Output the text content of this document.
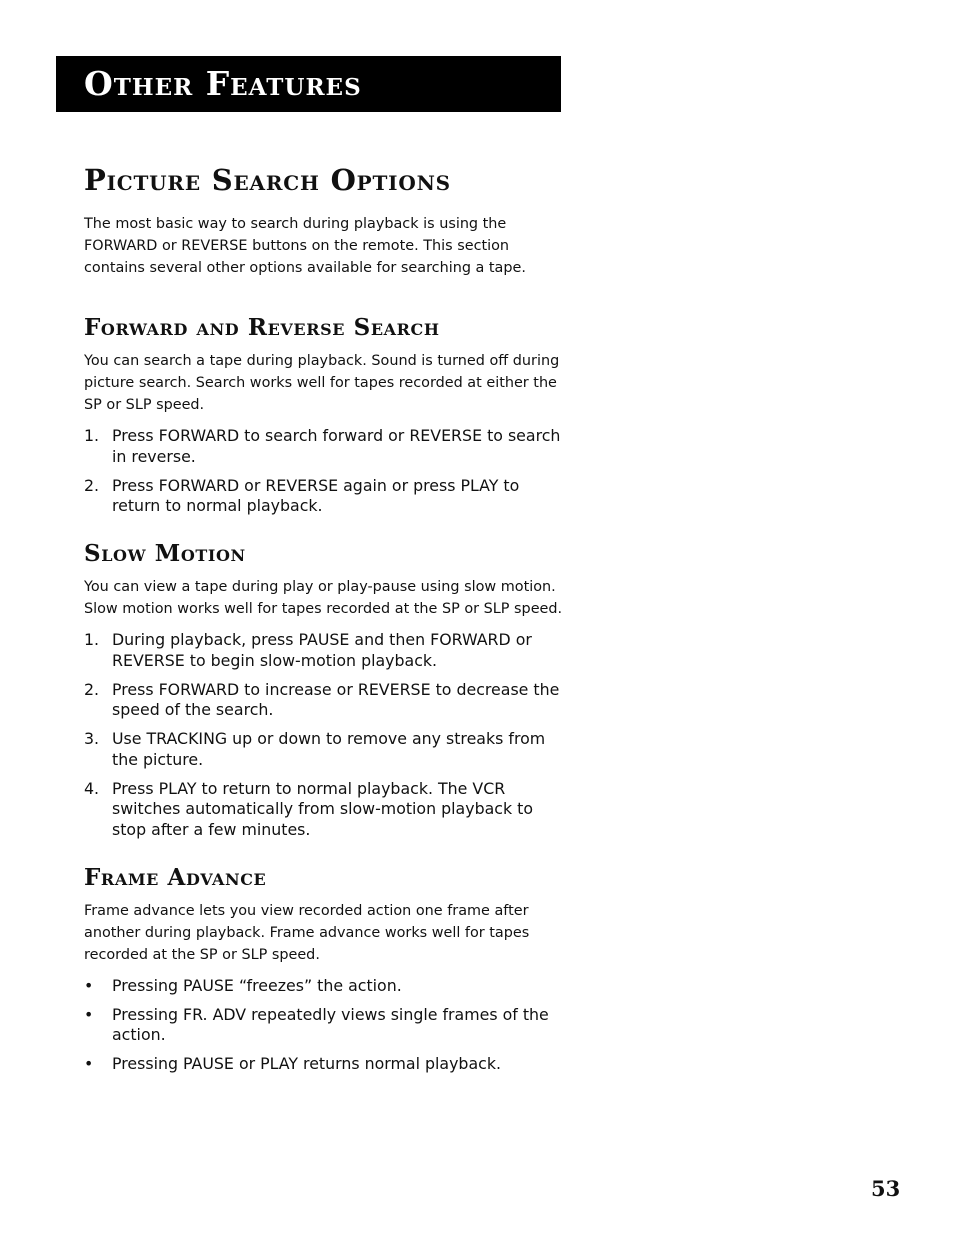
Other Features
Picture Search Options
The most basic way to search during playback is using the FORWARD or REVERSE buttons on the remote. This section contains several other options available for searching a tape.
Forward and Reverse Search
You can search a tape during playback. Sound is turned off during picture search. Search works well for tapes recorded at either the SP or SLP speed.
1. Press FORWARD to search forward or REVERSE to search in reverse.
2. Press FORWARD or REVERSE again or press PLAY to return to normal playback.
Slow Motion
You can view a tape during play or play-pause using slow motion. Slow motion works well for tapes recorded at the SP or SLP speed.
1. During playback, press PAUSE and then FORWARD or REVERSE to begin slow-motion playback.
2. Press FORWARD to increase or REVERSE to decrease the speed of the search.
3. Use TRACKING up or down to remove any streaks from the picture.
4. Press PLAY to return to normal playback. The VCR switches automatically from slow-motion playback to stop after a few minutes.
Frame Advance
Frame advance lets you view recorded action one frame after another during playback. Frame advance works well for tapes recorded at the SP or SLP speed.
• Pressing PAUSE “freezes” the action.
• Pressing FR. ADV repeatedly views single frames of the action.
• Pressing PAUSE or PLAY returns normal playback.
53
